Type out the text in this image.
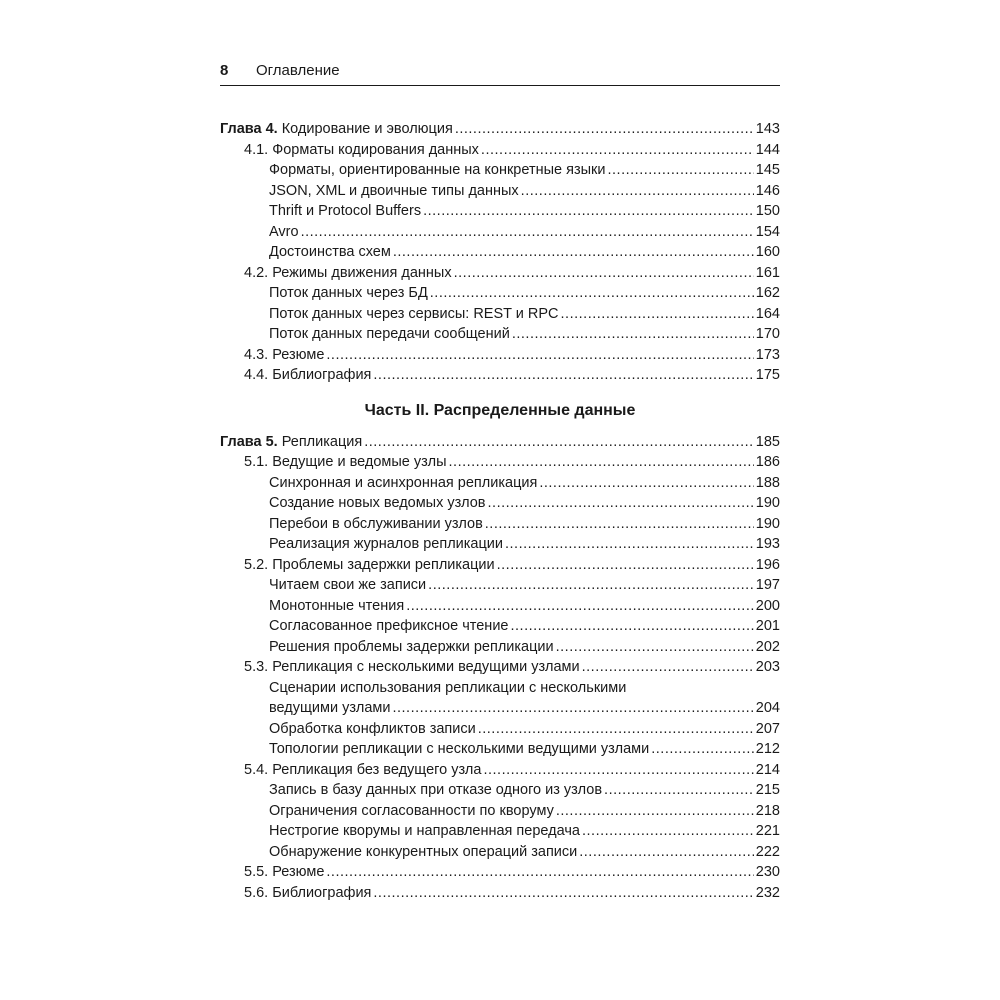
8 Оглавление
Глава 4. Кодирование и эволюция .....	143
4.1. Форматы кодирования данных .....	144
Форматы, ориентированные на конкретные языки .....	145
JSON, XML и двоичные типы данных .....	146
Thrift и Protocol Buffers .....	150
Avro .....	154
Достоинства схем .....	160
4.2. Режимы движения данных .....	161
Поток данных через БД .....	162
Поток данных через сервисы: REST и RPC .....	164
Поток данных передачи сообщений .....	170
4.3. Резюме .....	173
4.4. Библиография .....	175
Часть II. Распределенные данные
Глава 5. Репликация .....	185
5.1. Ведущие и ведомые узлы .....	186
Синхронная и асинхронная репликация .....	188
Создание новых ведомых узлов .....	190
Перебои в обслуживании узлов .....	190
Реализация журналов репликации .....	193
5.2. Проблемы задержки репликации .....	196
Читаем свои же записи .....	197
Монотонные чтения .....	200
Согласованное префиксное чтение .....	201
Решения проблемы задержки репликации .....	202
5.3. Репликация с несколькими ведущими узлами .....	203
Сценарии использования репликации с несколькими
ведущими узлами .....	204
Обработка конфликтов записи .....	207
Топологии репликации с несколькими ведущими узлами .....	212
5.4. Репликация без ведущего узла .....	214
Запись в базу данных при отказе одного из узлов .....	215
Ограничения согласованности по кворуму .....	218
Нестрогие кворумы и направленная передача .....	221
Обнаружение конкурентных операций записи .....	222
5.5. Резюме .....	230
5.6. Библиография .....	232
